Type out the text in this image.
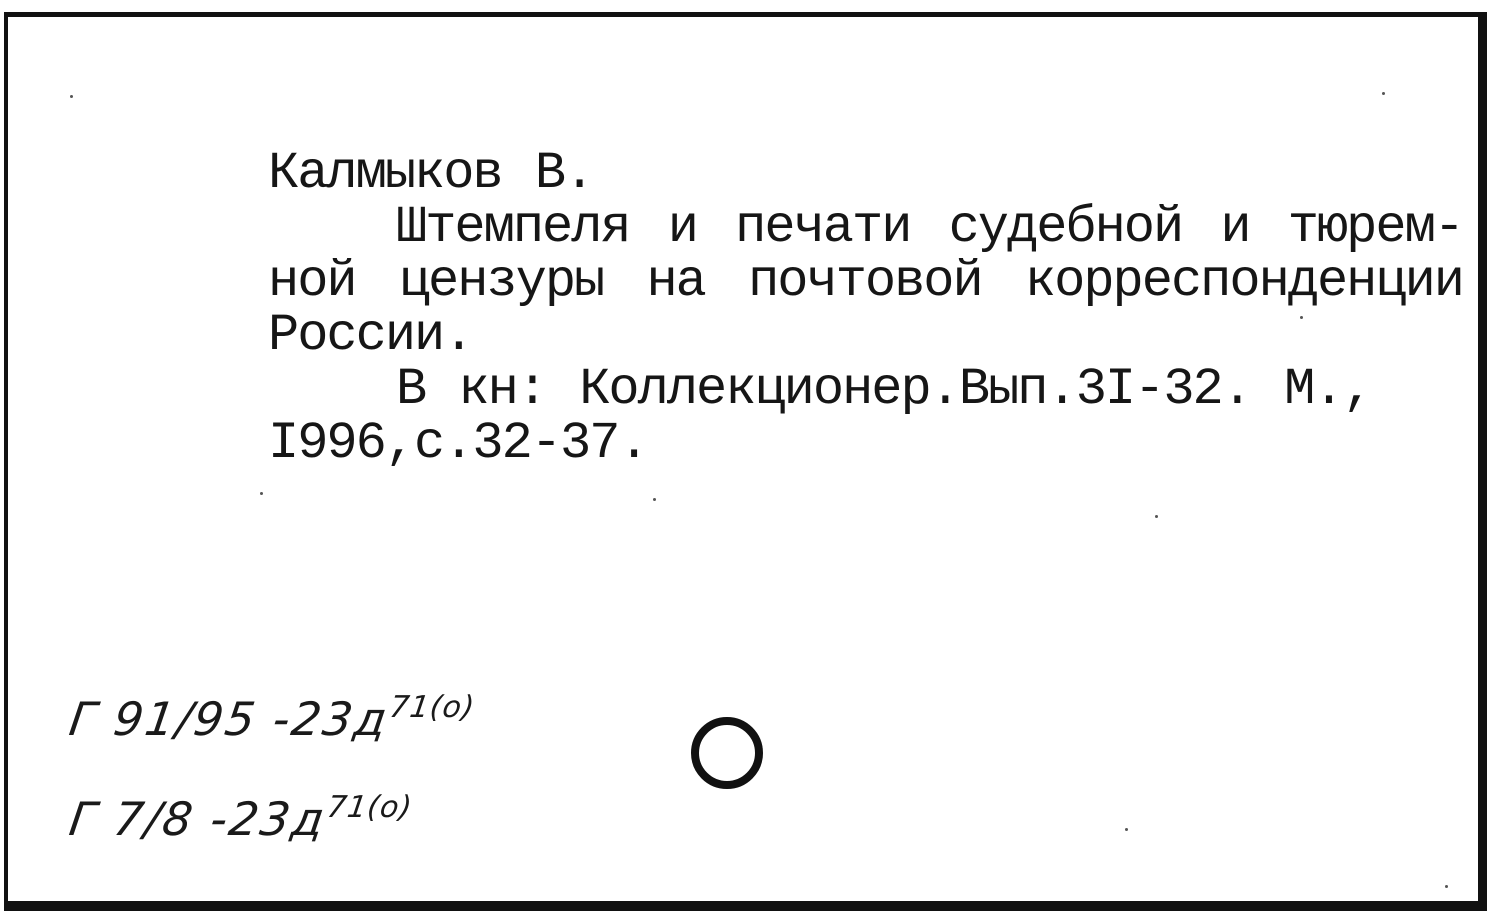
Калмыков В.
Штемпеля и печати судебной и тюрем-
ной цензуры на почтовой корреспонденции
России.
В кн: Коллекционер.Вып.3I-32. М.,
I996,с.32-37.
Г 91/95 $-23д^{71(о)}$
Г 7/8 $-23д^{71(о)}$
